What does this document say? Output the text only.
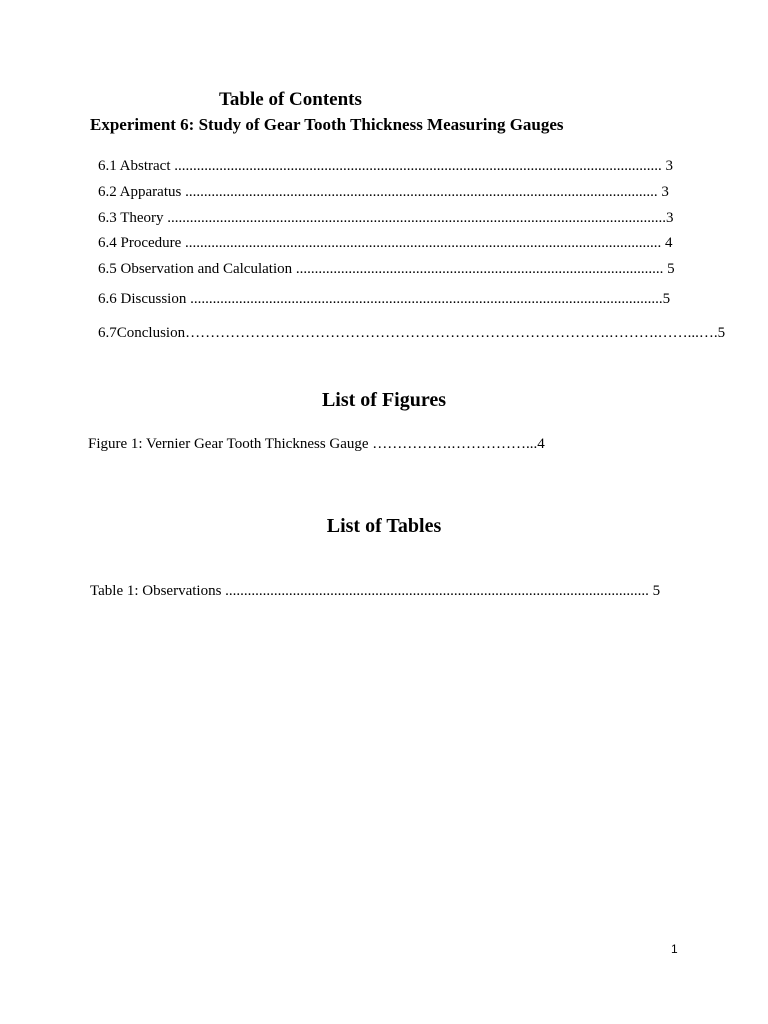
Table of Contents
Experiment 6: Study of Gear Tooth Thickness Measuring Gauges
6.1 Abstract .................................................................................................................................. 3
6.2 Apparatus .............................................................................................................................. 3
6.3 Theory .....................................................................................................................................3
6.4 Procedure ............................................................................................................................... 4
6.5 Observation and Calculation .................................................................................................. 5
6.6 Discussion ..............................................................................................................................5
6.7Conclusion………………………………………………………………………….……….……...….5
List of Figures
Figure 1: Vernier Gear Tooth Thickness Gauge …………….……………...4
List of Tables
Table 1: Observations ................................................................................................................. 5
1
